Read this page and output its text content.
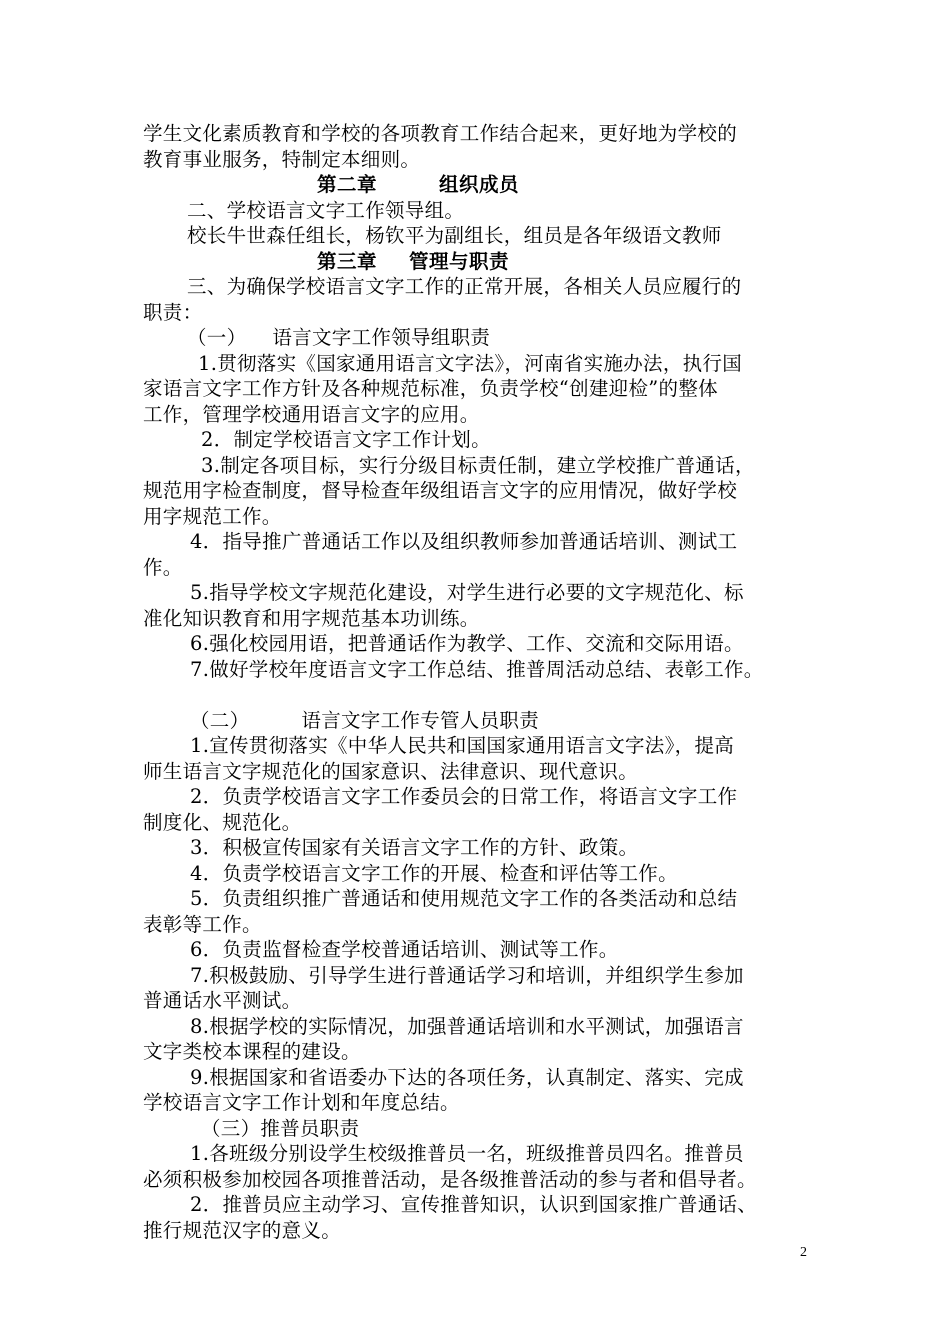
学生文化素质教育和学校的各项教育工作结合起来，更好地为学校的
教育事业服务，特制定本细则。
第二章	组织成员
二、学校语言文字工作领导组。
校长牛世森任组长，杨钦平为副组长，组员是各年级语文教师
第三章 管理与职责
三、为确保学校语言文字工作的正常开展，各相关人员应履行的
职责：
（一） 语言文字工作领导组职责
1.贯彻落实《国家通用语言文字法》，河南省实施办法，执行国
家语言文字工作方针及各种规范标准，负责学校“创建迎检”的整体
工作，管理学校通用语言文字的应用。
2．制定学校语言文字工作计划。
3.制定各项目标，实行分级目标责任制，建立学校推广普通话，
规范用字检查制度，督导检查年级组语言文字的应用情况，做好学校
用字规范工作。
4．指导推广普通话工作以及组织教师参加普通话培训、测试工
作。
5.指导学校文字规范化建设，对学生进行必要的文字规范化、标
准化知识教育和用字规范基本功训练。
6.强化校园用语，把普通话作为教学、工作、交流和交际用语。
7.做好学校年度语言文字工作总结、推普周活动总结、表彰工作。
（二）	语言文字工作专管人员职责
1.宣传贯彻落实《中华人民共和国国家通用语言文字法》，提高
师生语言文字规范化的国家意识、法律意识、现代意识。
2．负责学校语言文字工作委员会的日常工作，将语言文字工作
制度化、规范化。
3．积极宣传国家有关语言文字工作的方针、政策。
4．负责学校语言文字工作的开展、检查和评估等工作。
5．负责组织推广普通话和使用规范文字工作的各类活动和总结
表彰等工作。
6．负责监督检查学校普通话培训、测试等工作。
7.积极鼓励、引导学生进行普通话学习和培训，并组织学生参加
普通话水平测试。
8.根据学校的实际情况，加强普通话培训和水平测试，加强语言
文字类校本课程的建设。
9.根据国家和省语委办下达的各项任务，认真制定、落实、完成
学校语言文字工作计划和年度总结。
（三）推普员职责
1.各班级分别设学生校级推普员一名，班级推普员四名。推普员
必须积极参加校园各项推普活动，是各级推普活动的参与者和倡导者。
2．推普员应主动学习、宣传推普知识，认识到国家推广普通话、
推行规范汉字的意义。
2
